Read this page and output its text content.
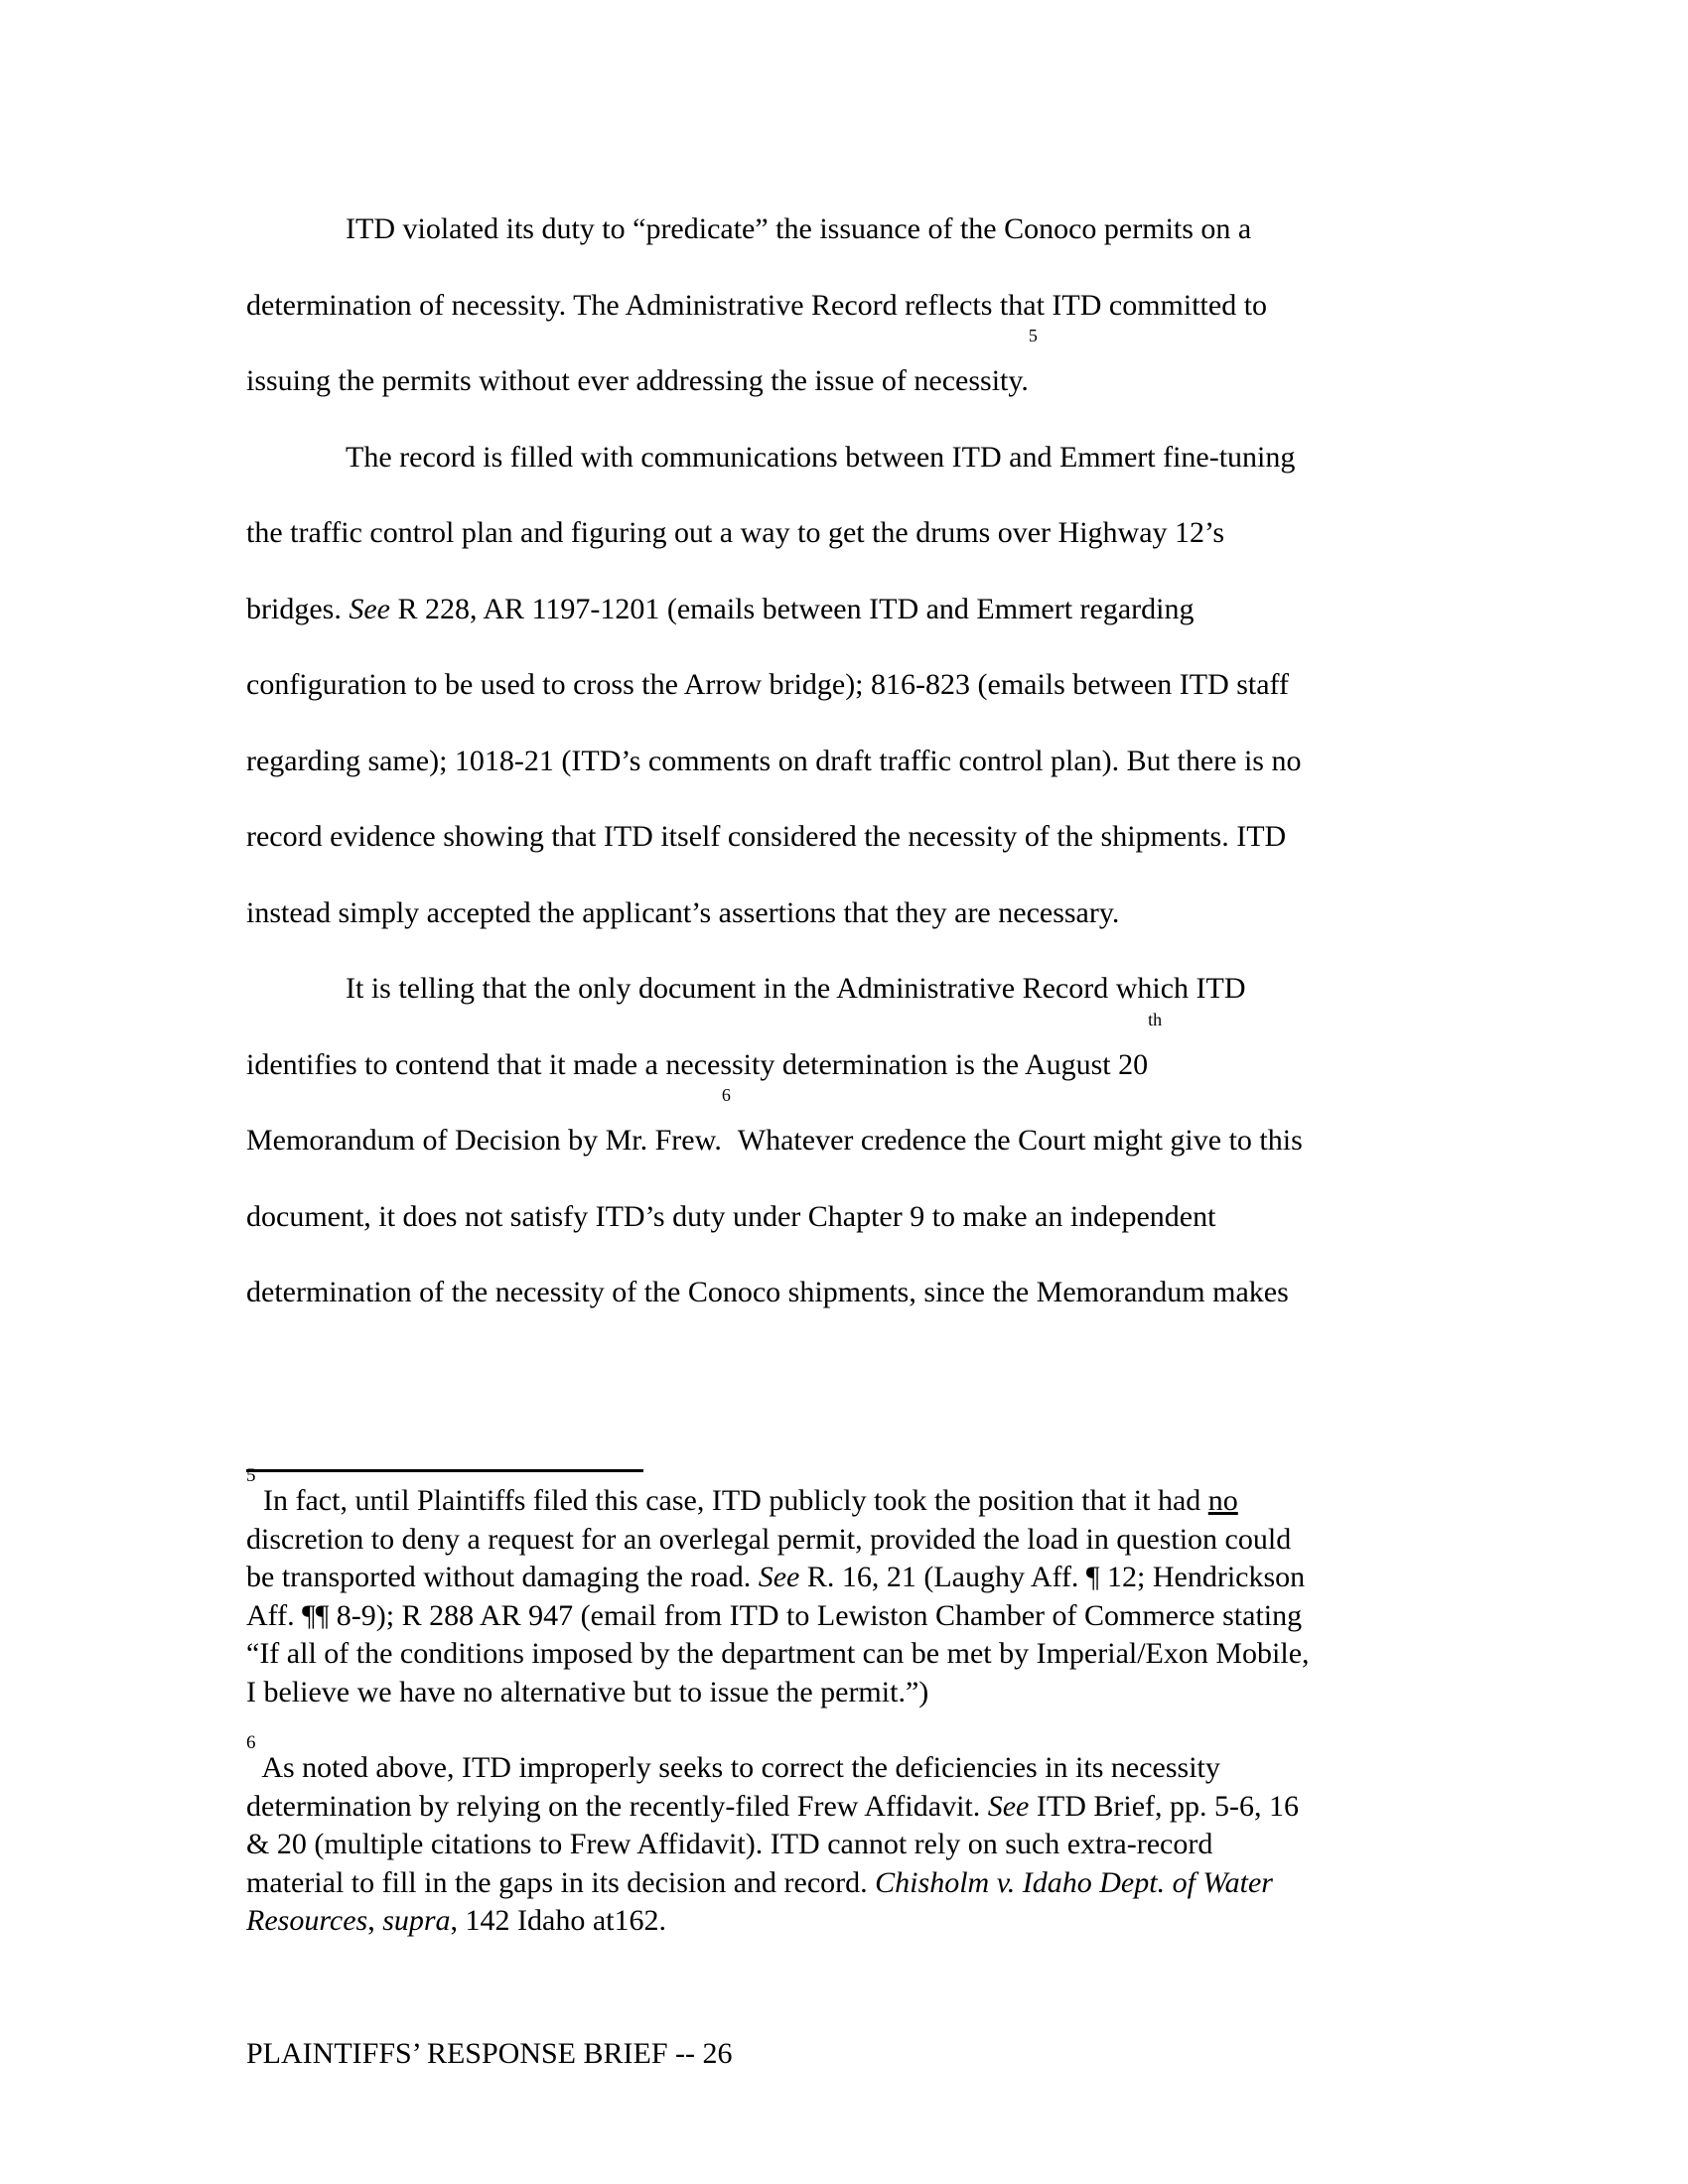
ITD violated its duty to “predicate” the issuance of the Conoco permits on a
determination of necessity. The Administrative Record reflects that ITD committed to
issuing the permits without ever addressing the issue of necessity.$^5$
The record is filled with communications between ITD and Emmert fine-tuning
the traffic control plan and figuring out a way to get the drums over Highway 12’s
bridges. See R 228, AR 1197-1201 (emails between ITD and Emmert regarding
configuration to be used to cross the Arrow bridge); 816-823 (emails between ITD staff
regarding same); 1018-21 (ITD’s comments on draft traffic control plan). But there is no
record evidence showing that ITD itself considered the necessity of the shipments. ITD
instead simply accepted the applicant’s assertions that they are necessary.
It is telling that the only document in the Administrative Record which ITD
identifies to contend that it made a necessity determination is the August 20th
Memorandum of Decision by Mr. Frew.$^6$ Whatever credence the Court might give to this
document, it does not satisfy ITD’s duty under Chapter 9 to make an independent
determination of the necessity of the Conoco shipments, since the Memorandum makes
$^5$ In fact, until Plaintiffs filed this case, ITD publicly took the position that it had no
discretion to deny a request for an overlegal permit, provided the load in question could
be transported without damaging the road. See R. 16, 21 (Laughy Aff. ¶ 12; Hendrickson
Aff. ¶¶ 8-9); R 288 AR 947 (email from ITD to Lewiston Chamber of Commerce stating
“If all of the conditions imposed by the department can be met by Imperial/Exon Mobile,
I believe we have no alternative but to issue the permit.”)
$^6$ As noted above, ITD improperly seeks to correct the deficiencies in its necessity
determination by relying on the recently-filed Frew Affidavit. See ITD Brief, pp. 5-6, 16
& 20 (multiple citations to Frew Affidavit). ITD cannot rely on such extra-record
material to fill in the gaps in its decision and record. Chisholm v. Idaho Dept. of Water
Resources, supra, 142 Idaho at162.
PLAINTIFFS’ RESPONSE BRIEF -- 26
